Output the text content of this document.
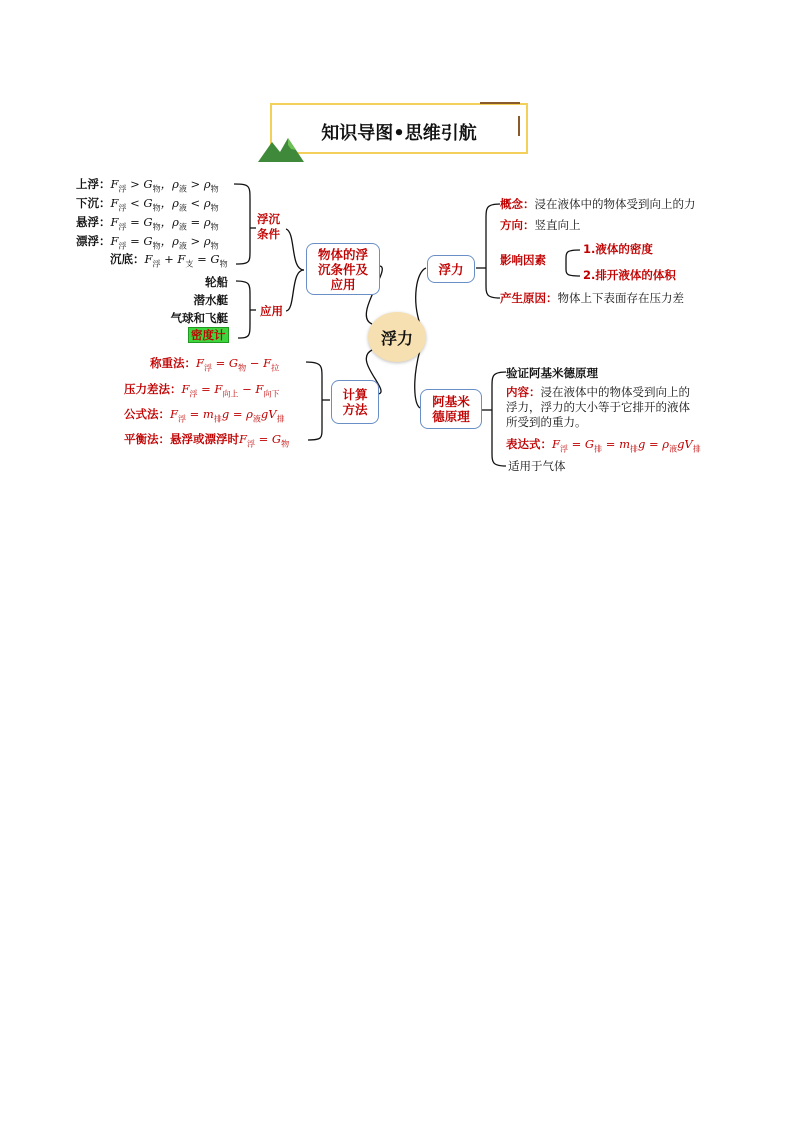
知识导图•思维引航
浮力
物体的浮沉条件及应用
浮沉条件
应用
上浮：$F_浮 > G_物$，$\rho_液 > \rho_物$
下沉：$F_浮 < G_物$，$\rho_液 < \rho_物$
悬浮：$F_浮 = G_物$，$\rho_液 = \rho_物$
漂浮：$F_浮 = G_物$，$\rho_液 > \rho_物$
沉底：$F_浮 + F_支 = G_物$
轮船
潜水艇
气球和飞艇
密度计
计算方法
称重法：$F_浮 = G_物 - F_拉$
压力差法：$F_浮 = F_{向上} - F_{向下}$
公式法：$F_浮 = m_排g = \rho_液gV_排$
平衡法：悬浮或漂浮时$F_浮 = G_物$
浮力
概念：浸在液体中的物体受到向上的力
方向：竖直向上
影响因素
1.液体的密度
2.排开液体的体积
产生原因：物体上下表面存在压力差
阿基米德原理
验证阿基米德原理
内容：浸在液体中的物体受到向上的
浮力，浮力的大小等于它排开的液体
所受到的重力。
表达式：$F_浮 = G_排 = m_排g = \rho_液gV_排$
适用于气体
